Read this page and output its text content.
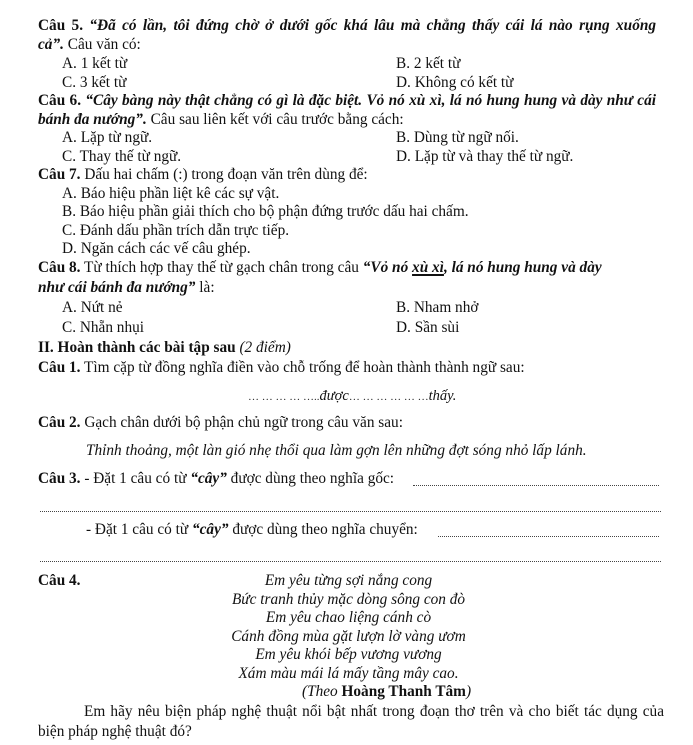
Câu 5. “Đã có lần, tôi đứng chờ ở dưới gốc khá lâu mà chẳng thấy cái lá nào rụng xuống
cả”. Câu văn có:
A. 1 kết từ	B. 2 kết từ
C. 3 kết từ	D. Không có kết từ
Câu 6. “Cây bàng này thật chẳng có gì là đặc biệt. Vỏ nó xù xì, lá nó hung hung và dày như cái
bánh đa nướng”. Câu sau liên kết với câu trước bằng cách:
A. Lặp từ ngữ.	B. Dùng từ ngữ nối.
C. Thay thế từ ngữ.	D. Lặp từ và thay thế từ ngữ.
Câu 7. Dấu hai chấm (:) trong đoạn văn trên dùng để:
A. Báo hiệu phần liệt kê các sự vật.
B. Báo hiệu phần giải thích cho bộ phận đứng trước dấu hai chấm.
C. Đánh dấu phần trích dẫn trực tiếp.
D. Ngăn cách các vế câu ghép.
Câu 8. Từ thích hợp thay thế từ gạch chân trong câu “Vỏ nó xù xì, lá nó hung hung và dày
như cái bánh đa nướng” là:
A. Nứt nẻ	B. Nham nhở
C. Nhẵn nhụi	D. Sần sùi
II. Hoàn thành các bài tập sau (2 điểm)
Câu 1. Tìm cặp từ đồng nghĩa điền vào chỗ trống để hoàn thành thành ngữ sau:
… … … … …..được… … … … … …thấy.
Câu 2. Gạch chân dưới bộ phận chủ ngữ trong câu văn sau:
Thỉnh thoảng, một làn gió nhẹ thổi qua làm gợn lên những đợt sóng nhỏ lấp lánh.
Câu 3. - Đặt 1 câu có từ “cây” được dùng theo nghĩa gốc:
- Đặt 1 câu có từ “cây” được dùng theo nghĩa chuyển:
Câu 4.	Em yêu từng sợi nắng cong
Bức tranh thủy mặc dòng sông con đò
Em yêu chao liệng cánh cò
Cánh đồng mùa gặt lượn lờ vàng ươm
Em yêu khói bếp vương vương
Xám màu mái lá mấy tầng mây cao.
(Theo Hoàng Thanh Tâm)
Em hãy nêu biện pháp nghệ thuật nổi bật nhất trong đoạn thơ trên và cho biết tác dụng của
biện pháp nghệ thuật đó?
